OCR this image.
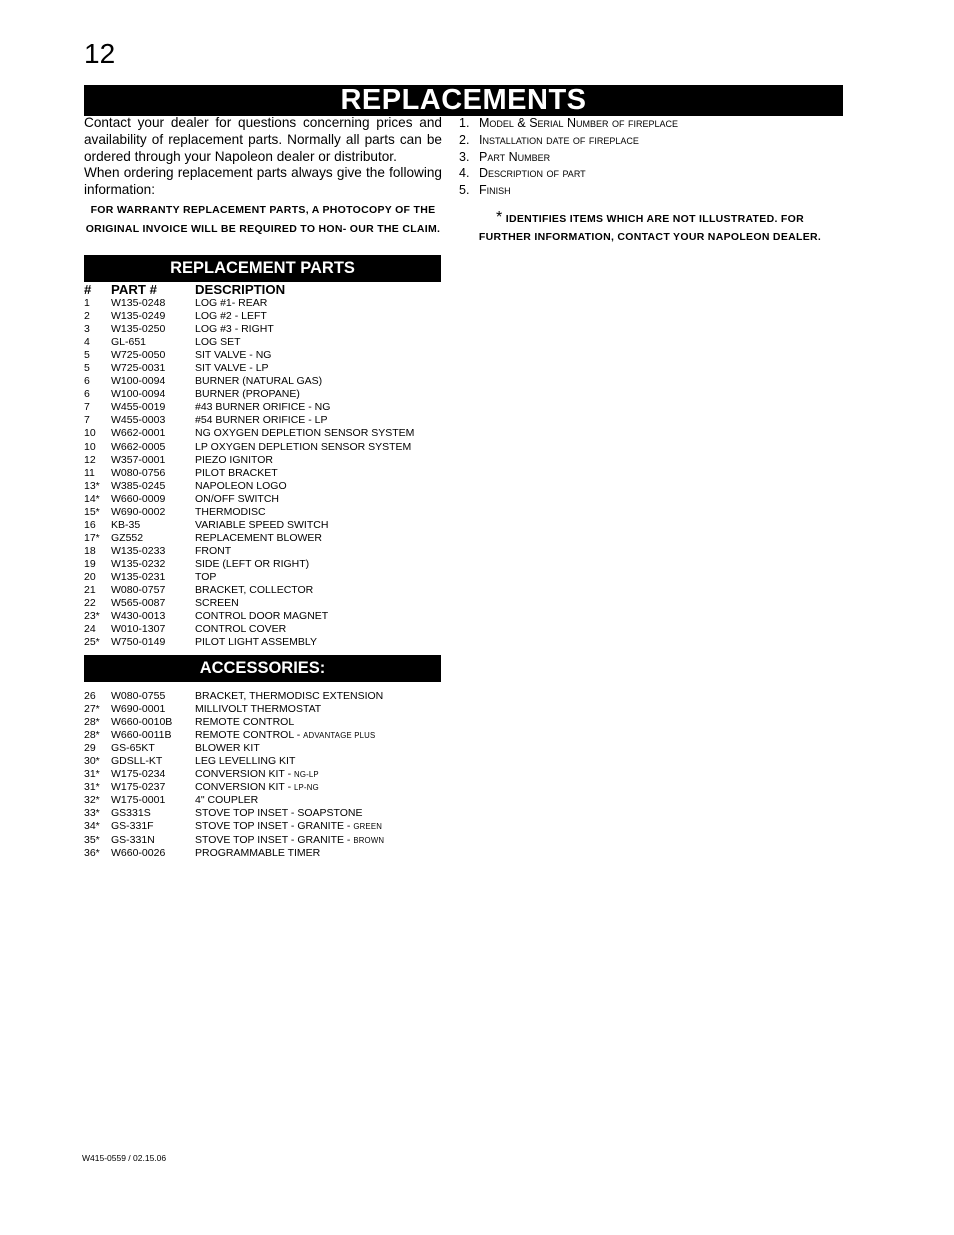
12
REPLACEMENTS

Contact your dealer for questions concerning prices and availability of replacement parts. Normally all parts can be ordered through your Napoleon dealer or distributor.

When ordering replacement parts always give the following information:

FOR WARRANTY REPLACEMENT PARTS, A PHOTOCOPY OF THE ORIGINAL INVOICE WILL BE REQUIRED TO HON- OUR THE CLAIM.
1. Model & Serial Number of fireplace
2. Installation date of fireplace
3. Part Number
4. Description of part
5. Finish
* IDENTIFIES ITEMS WHICH ARE NOT ILLUSTRATED. FOR FURTHER INFORMATION, CONTACT YOUR NAPOLEON DEALER.
REPLACEMENT PARTS
#	PART #	DESCRIPTION
1	W135-0248	LOG #1- REAR
2	W135-0249	LOG #2 - LEFT
3	W135-0250	LOG #3 - RIGHT
4	GL-651	LOG SET
5	W725-0050	SIT VALVE - NG
5	W725-0031	SIT VALVE - LP
6	W100-0094	BURNER (NATURAL GAS)
6	W100-0094	BURNER (PROPANE)
7	W455-0019	#43 BURNER ORIFICE - NG
7	W455-0003	#54 BURNER ORIFICE - LP
10	W662-0001	NG OXYGEN DEPLETION SENSOR SYSTEM
10	W662-0005	LP OXYGEN DEPLETION SENSOR SYSTEM
12	W357-0001	PIEZO IGNITOR
11	W080-0756	PILOT BRACKET
13*	W385-0245	NAPOLEON LOGO
14*	W660-0009	ON/OFF SWITCH
15*	W690-0002	THERMODISC
16	KB-35	VARIABLE SPEED SWITCH
17*	GZ552	REPLACEMENT BLOWER
18	W135-0233	FRONT
19	W135-0232	SIDE (LEFT OR RIGHT)
20	W135-0231	TOP
21	W080-0757	BRACKET, COLLECTOR
22	W565-0087	SCREEN
23*	W430-0013	CONTROL DOOR MAGNET
24	W010-1307	CONTROL COVER
25*	W750-0149	PILOT LIGHT ASSEMBLY
ACCESSORIES:
26	W080-0755	BRACKET, THERMODISC EXTENSION
27*	W690-0001	MILLIVOLT THERMOSTAT
28*	W660-0010B	REMOTE CONTROL
28*	W660-0011B	REMOTE CONTROL - ADVANTAGE PLUS
29	GS-65KT	BLOWER KIT
30*	GDSLL-KT	LEG LEVELLING KIT
31*	W175-0234	CONVERSION KIT - NG-LP
31*	W175-0237	CONVERSION KIT - LP-NG
32*	W175-0001	4" COUPLER
33*	GS331S	STOVE TOP INSET - SOAPSTONE
34*	GS-331F	STOVE TOP INSET - GRANITE - GREEN
35*	GS-331N	STOVE TOP INSET - GRANITE - BROWN
36*	W660-0026	PROGRAMMABLE TIMER
W415-0559 / 02.15.06
